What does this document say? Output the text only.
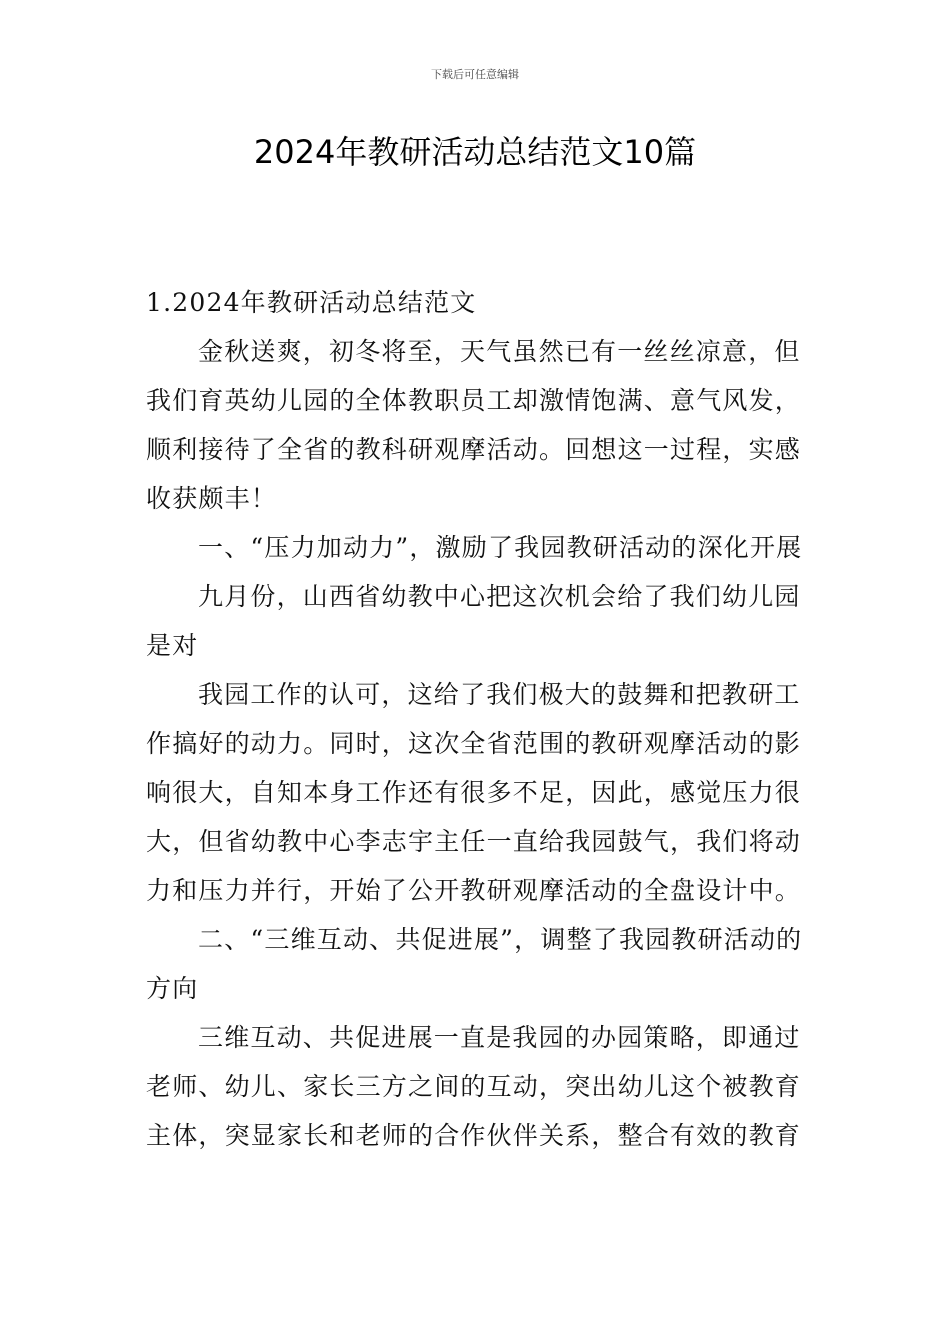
下载后可任意编辑
2024年教研活动总结范文10篇

1.2024年教研活动总结范文

金秋送爽，初冬将至，天气虽然已有一丝丝凉意，但我们育英幼儿园的全体教职员工却激情饱满、意气风发，顺利接待了全省的教科研观摩活动。回想这一过程，实感收获颇丰！

一、“压力加动力”，激励了我园教研活动的深化开展

九月份，山西省幼教中心把这次机会给了我们幼儿园是对

我园工作的认可，这给了我们极大的鼓舞和把教研工作搞好的动力。同时，这次全省范围的教研观摩活动的影响很大，自知本身工作还有很多不足，因此，感觉压力很大，但省幼教中心李志宇主任一直给我园鼓气，我们将动力和压力并行，开始了公开教研观摩活动的全盘设计中。

二、“三维互动、共促进展”，调整了我园教研活动的方向

三维互动、共促进展一直是我园的办园策略，即通过老师、幼儿、家长三方之间的互动，突出幼儿这个被教育主体，突显家长和老师的合作伙伴关系，整合有效的教育
